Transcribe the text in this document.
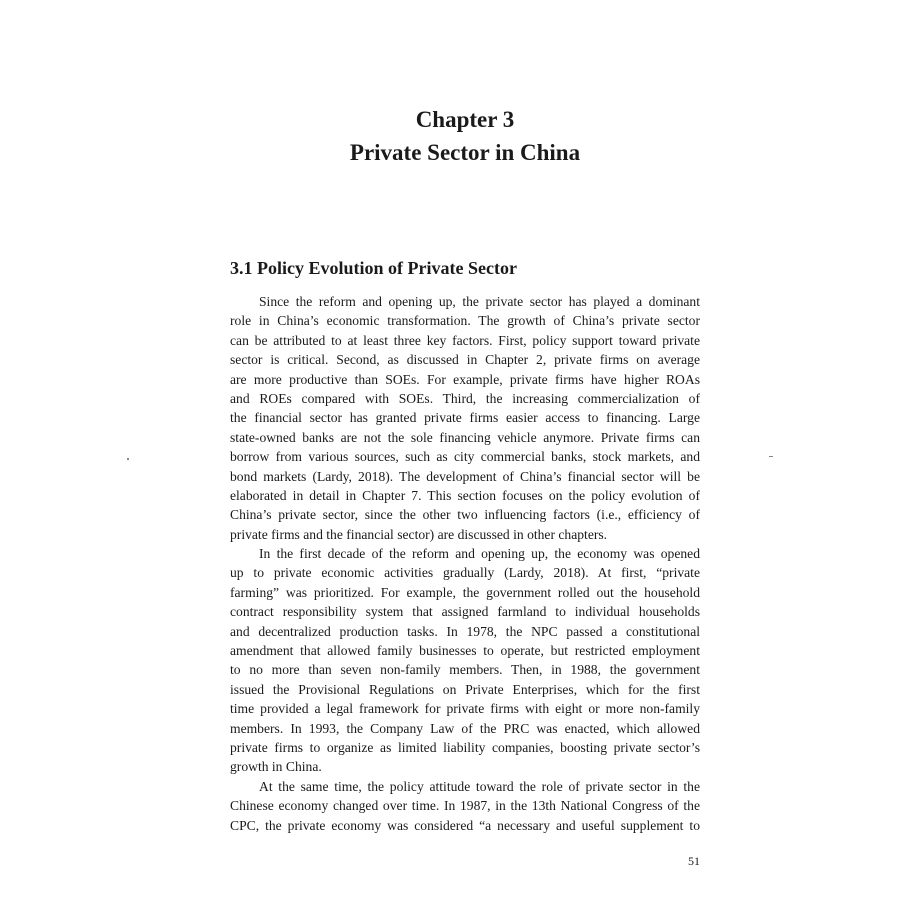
Chapter 3
Private Sector in China
3.1 Policy Evolution of Private Sector
Since the reform and opening up, the private sector has played a dominant
role in China’s economic transformation. The growth of China’s private sector
can be attributed to at least three key factors. First, policy support toward private
sector is critical. Second, as discussed in Chapter 2, private firms on average
are more productive than SOEs. For example, private firms have higher ROAs
and ROEs compared with SOEs. Third, the increasing commercialization of
the financial sector has granted private firms easier access to financing. Large
state-owned banks are not the sole financing vehicle anymore. Private firms can
borrow from various sources, such as city commercial banks, stock markets, and
bond markets (Lardy, 2018). The development of China’s financial sector will be
elaborated in detail in Chapter 7. This section focuses on the policy evolution of
China’s private sector, since the other two influencing factors (i.e., efficiency of
private firms and the financial sector) are discussed in other chapters.
In the first decade of the reform and opening up, the economy was opened
up to private economic activities gradually (Lardy, 2018). At first, “private
farming” was prioritized. For example, the government rolled out the household
contract responsibility system that assigned farmland to individual households
and decentralized production tasks. In 1978, the NPC passed a constitutional
amendment that allowed family businesses to operate, but restricted employment
to no more than seven non-family members. Then, in 1988, the government
issued the Provisional Regulations on Private Enterprises, which for the first
time provided a legal framework for private firms with eight or more non-family
members. In 1993, the Company Law of the PRC was enacted, which allowed
private firms to organize as limited liability companies, boosting private sector’s
growth in China.
At the same time, the policy attitude toward the role of private sector in the
Chinese economy changed over time. In 1987, in the 13th National Congress of the
CPC, the private economy was considered “a necessary and useful supplement to
51
